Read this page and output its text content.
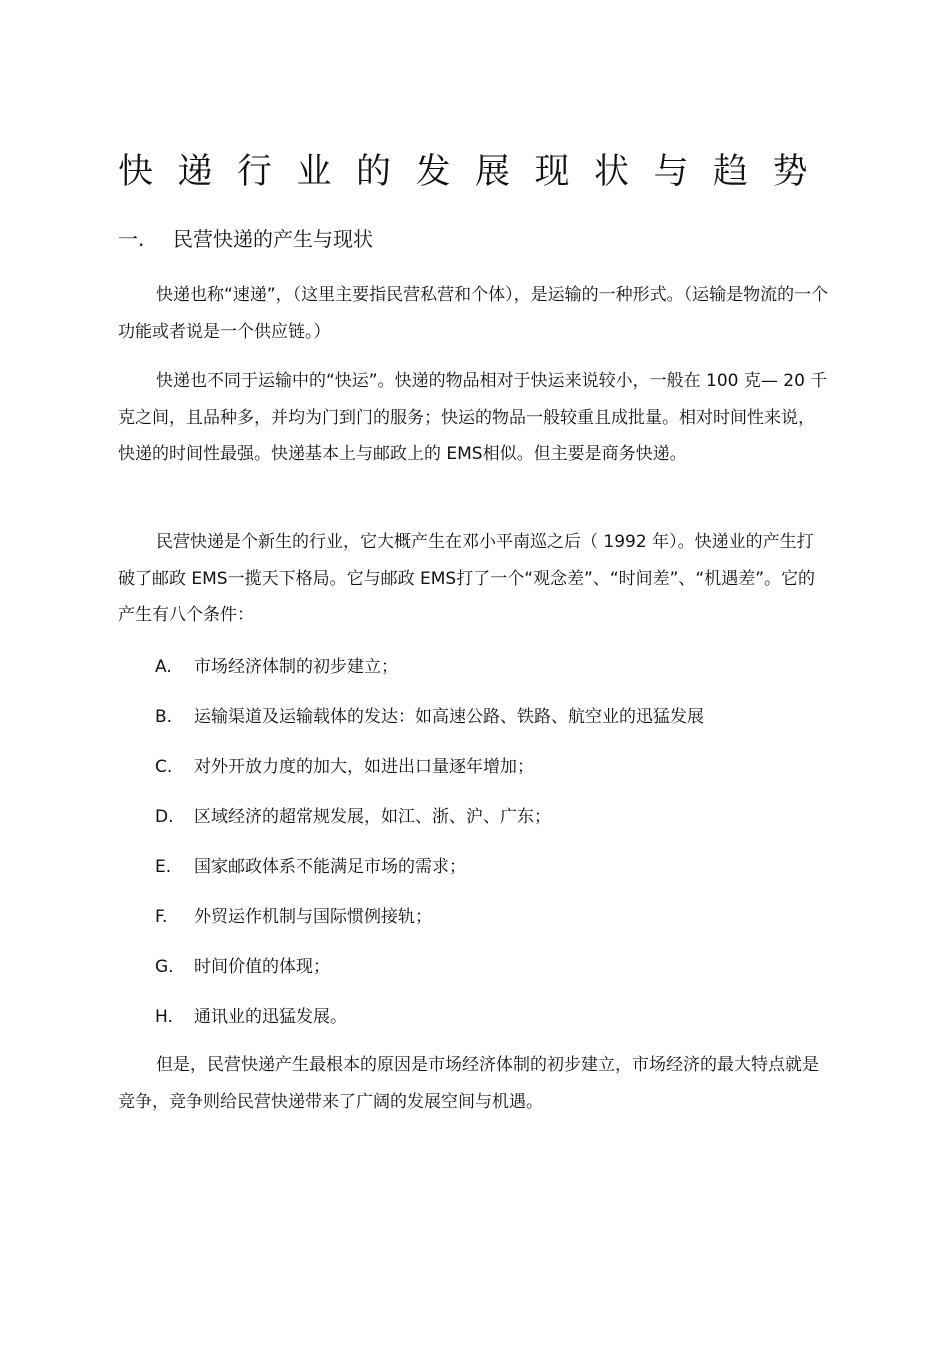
快递行业的发展现状与趋势
一. 民营快递的产生与现状

快递也称“速递”，（这里主要指民营私营和个体），是运输的一种形式。（运输是物流的一个功能或者说是一个供应链。）

快递也不同于运输中的“快运”。快递的物品相对于快运来说较小，一般在 100 克— 20 千克之间，且品种多，并均为门到门的服务；快运的物品一般较重且成批量。相对时间性来说，快递的时间性最强。快递基本上与邮政上的 EMS相似。但主要是商务快递。

民营快递是个新生的行业，它大概产生在邓小平南巡之后（ 1992 年）。快递业的产生打破了邮政 EMS一揽天下格局。它与邮政 EMS打了一个“观念差”、“时间差”、“机遇差”。它的产生有八个条件：

A. 市场经济体制的初步建立；
B. 运输渠道及运输载体的发达：如高速公路、铁路、航空业的迅猛发展
C. 对外开放力度的加大，如进出口量逐年增加；
D. 区域经济的超常规发展，如江、浙、沪、广东；
E. 国家邮政体系不能满足市场的需求；
F. 外贸运作机制与国际惯例接轨；
G. 时间价值的体现；
H. 通讯业的迅猛发展。

但是，民营快递产生最根本的原因是市场经济体制的初步建立，市场经济的最大特点就是竞争，竞争则给民营快递带来了广阔的发展空间与机遇。
